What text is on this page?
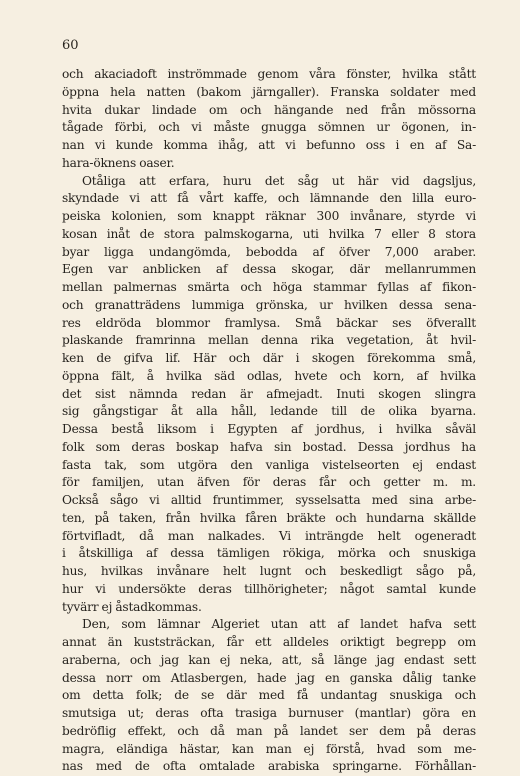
60
och akaciadoft inströmmade genom våra fönster, hvilka stått
öppna hela natten (bakom järngaller). Franska soldater med
hvita dukar lindade om och hängande ned från mössorna
tågade förbi, och vi måste gnugga sömnen ur ögonen, in-
nan vi kunde komma ihåg, att vi befunno oss i en af Sa-
hara-öknens oaser.
Otåliga att erfara, huru det såg ut här vid dagsljus,
skyndade vi att få vårt kaffe, och lämnande den lilla euro-
peiska kolonien, som knappt räknar 300 invånare, styrde vi
kosan inåt de stora palmskogarna, uti hvilka 7 eller 8 stora
byar ligga undangömda, bebodda af öfver 7,000 araber.
Egen var anblicken af dessa skogar, där mellanrummen
mellan palmernas smärta och höga stammar fyllas af fikon-
och granatträdens lummiga grönska, ur hvilken dessa sena-
res eldröda blommor framlysa. Små bäckar ses öfverallt
plaskande framrinna mellan denna rika vegetation, åt hvil-
ken de gifva lif. Här och där i skogen förekomma små,
öppna fält, å hvilka säd odlas, hvete och korn, af hvilka
det sist nämnda redan är afmejadt. Inuti skogen slingra
sig gångstigar åt alla håll, ledande till de olika byarna.
Dessa bestå liksom i Egypten af jordhus, i hvilka såväl
folk som deras boskap hafva sin bostad. Dessa jordhus ha
fasta tak, som utgöra den vanliga vistelseorten ej endast
för familjen, utan äfven för deras får och getter m. m.
Också sågo vi alltid fruntimmer, sysselsatta med sina arbe-
ten, på taken, från hvilka fåren bräkte och hundarna skällde
förtvifladt, då man nalkades. Vi inträngde helt ogeneradt
i åtskilliga af dessa tämligen rökiga, mörka och snuskiga
hus, hvilkas invånare helt lugnt och beskedligt sågo på,
hur vi undersökte deras tillhörigheter; något samtal kunde
tyvärr ej åstadkommas.
Den, som lämnar Algeriet utan att af landet hafva sett
annat än kuststräckan, får ett alldeles oriktigt begrepp om
araberna, och jag kan ej neka, att, så länge jag endast sett
dessa norr om Atlasbergen, hade jag en ganska dålig tanke
om detta folk; de se där med få undantag snuskiga och
smutsiga ut; deras ofta trasiga burnuser (mantlar) göra en
bedröflig effekt, och då man på landet ser dem på deras
magra, eländiga hästar, kan man ej förstå, hvad som me-
nas med de ofta omtalade arabiska springarne. Förhållan-
